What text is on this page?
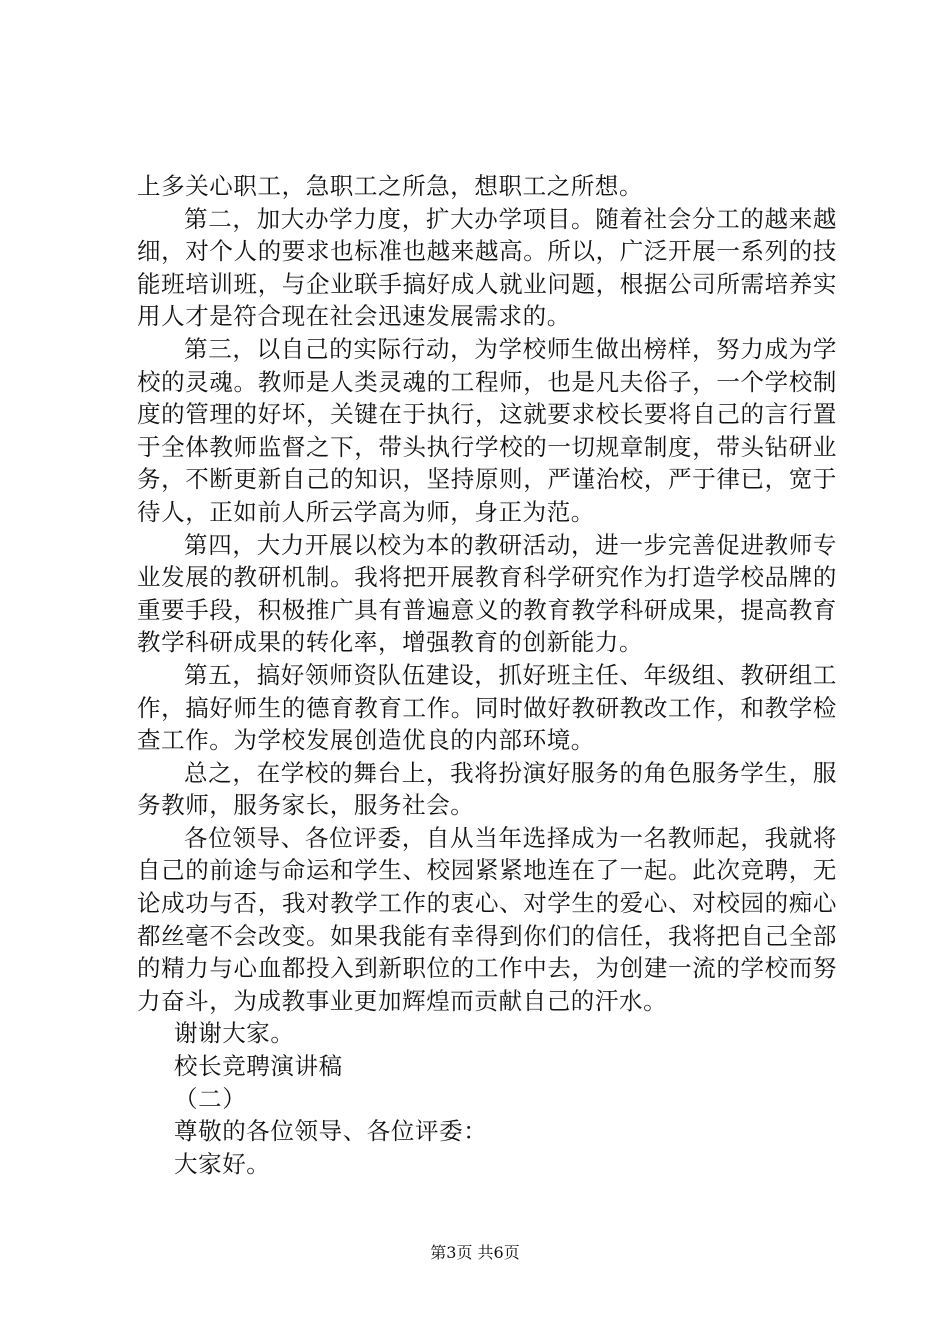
上多关心职工，急职工之所急，想职工之所想。

第二，加大办学力度，扩大办学项目。随着社会分工的越来越细，对个人的要求也标准也越来越高。所以，广泛开展一系列的技能班培训班，与企业联手搞好成人就业问题，根据公司所需培养实用人才是符合现在社会迅速发展需求的。

第三，以自己的实际行动，为学校师生做出榜样，努力成为学校的灵魂。教师是人类灵魂的工程师，也是凡夫俗子，一个学校制度的管理的好坏，关键在于执行，这就要求校长要将自己的言行置于全体教师监督之下，带头执行学校的一切规章制度，带头钻研业务，不断更新自己的知识，坚持原则，严谨治校，严于律已，宽于待人，正如前人所云学高为师，身正为范。

第四，大力开展以校为本的教研活动，进一步完善促进教师专业发展的教研机制。我将把开展教育科学研究作为打造学校品牌的重要手段，积极推广具有普遍意义的教育教学科研成果，提高教育教学科研成果的转化率，增强教育的创新能力。

第五，搞好领师资队伍建设，抓好班主任、年级组、教研组工作，搞好师生的德育教育工作。同时做好教研教改工作，和教学检查工作。为学校发展创造优良的内部环境。

总之，在学校的舞台上，我将扮演好服务的角色服务学生，服务教师，服务家长，服务社会。

各位领导、各位评委，自从当年选择成为一名教师起，我就将自己的前途与命运和学生、校园紧紧地连在了一起。此次竞聘，无论成功与否，我对教学工作的衷心、对学生的爱心、对校园的痴心都丝毫不会改变。如果我能有幸得到你们的信任，我将把自己全部的精力与心血都投入到新职位的工作中去，为创建一流的学校而努力奋斗，为成教事业更加辉煌而贡献自己的汗水。

谢谢大家。

校长竞聘演讲稿

（二）

尊敬的各位领导、各位评委：

大家好。

第3页 共6页
